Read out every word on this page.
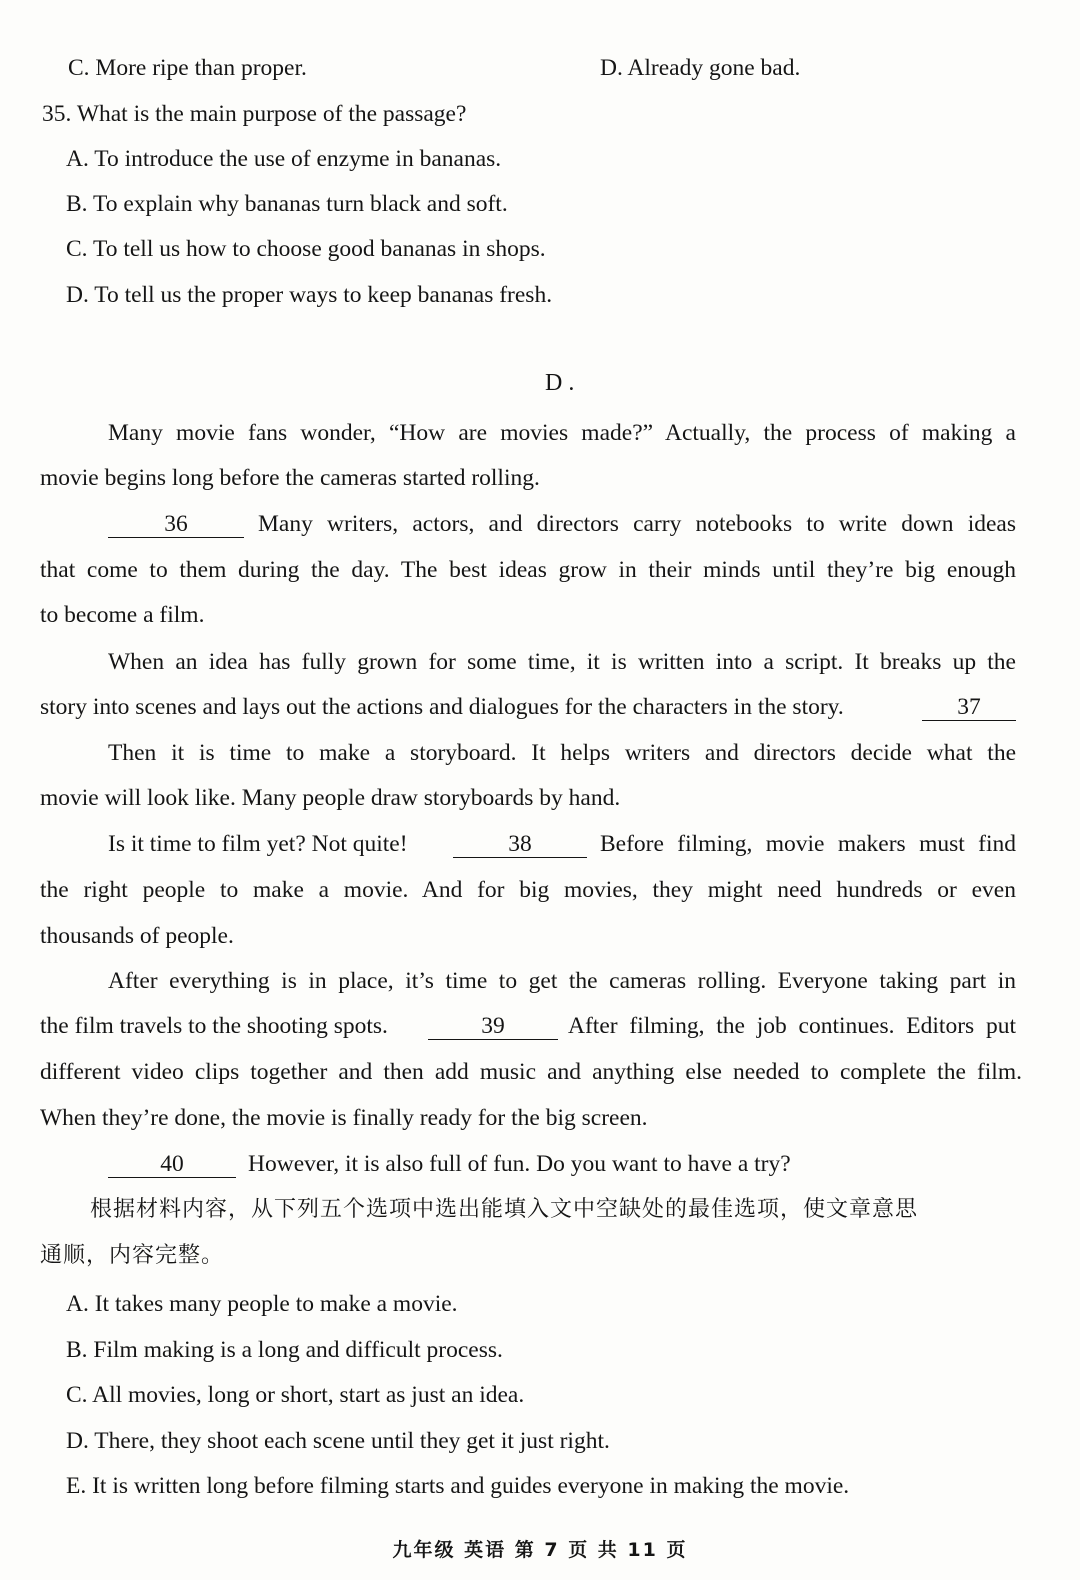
C. More ripe than proper.	D. Already gone bad.
35. What is the main purpose of the passage?
A. To introduce the use of enzyme in bananas.
B. To explain why bananas turn black and soft.
C. To tell us how to choose good bananas in shops.
D. To tell us the proper ways to keep bananas fresh.
D .
Many movie fans wonder, “How are movies made?” Actually, the process of making a
movie begins long before the cameras started rolling.
36	Many writers, actors, and directors carry notebooks to write down ideas
that come to them during the day. The best ideas grow in their minds until they’re big enough
to become a film.
When an idea has fully grown for some time, it is written into a script. It breaks up the
story into scenes and lays out the actions and dialogues for the characters in the story.	37
Then it is time to make a storyboard. It helps writers and directors decide what the
movie will look like. Many people draw storyboards by hand.
Is it time to film yet? Not quite!	38	Before filming, movie makers must find
the right people to make a movie. And for big movies, they might need hundreds or even
thousands of people.
After everything is in place, it’s time to get the cameras rolling. Everyone taking part in
the film travels to the shooting spots.	39	After filming, the job continues. Editors put
different video clips together and then add music and anything else needed to complete the film.
When they’re done, the movie is finally ready for the big screen.
40	However, it is also full of fun. Do you want to have a try?
根据材料内容，从下列五个选项中选出能填入文中空缺处的最佳选项，使文章意思
通顺，内容完整。
A. It takes many people to make a movie.
B. Film making is a long and difficult process.
C. All movies, long or short, start as just an idea.
D. There, they shoot each scene until they get it just right.
E. It is written long before filming starts and guides everyone in making the movie.
九年级 英语 第 7 页 共 11 页
